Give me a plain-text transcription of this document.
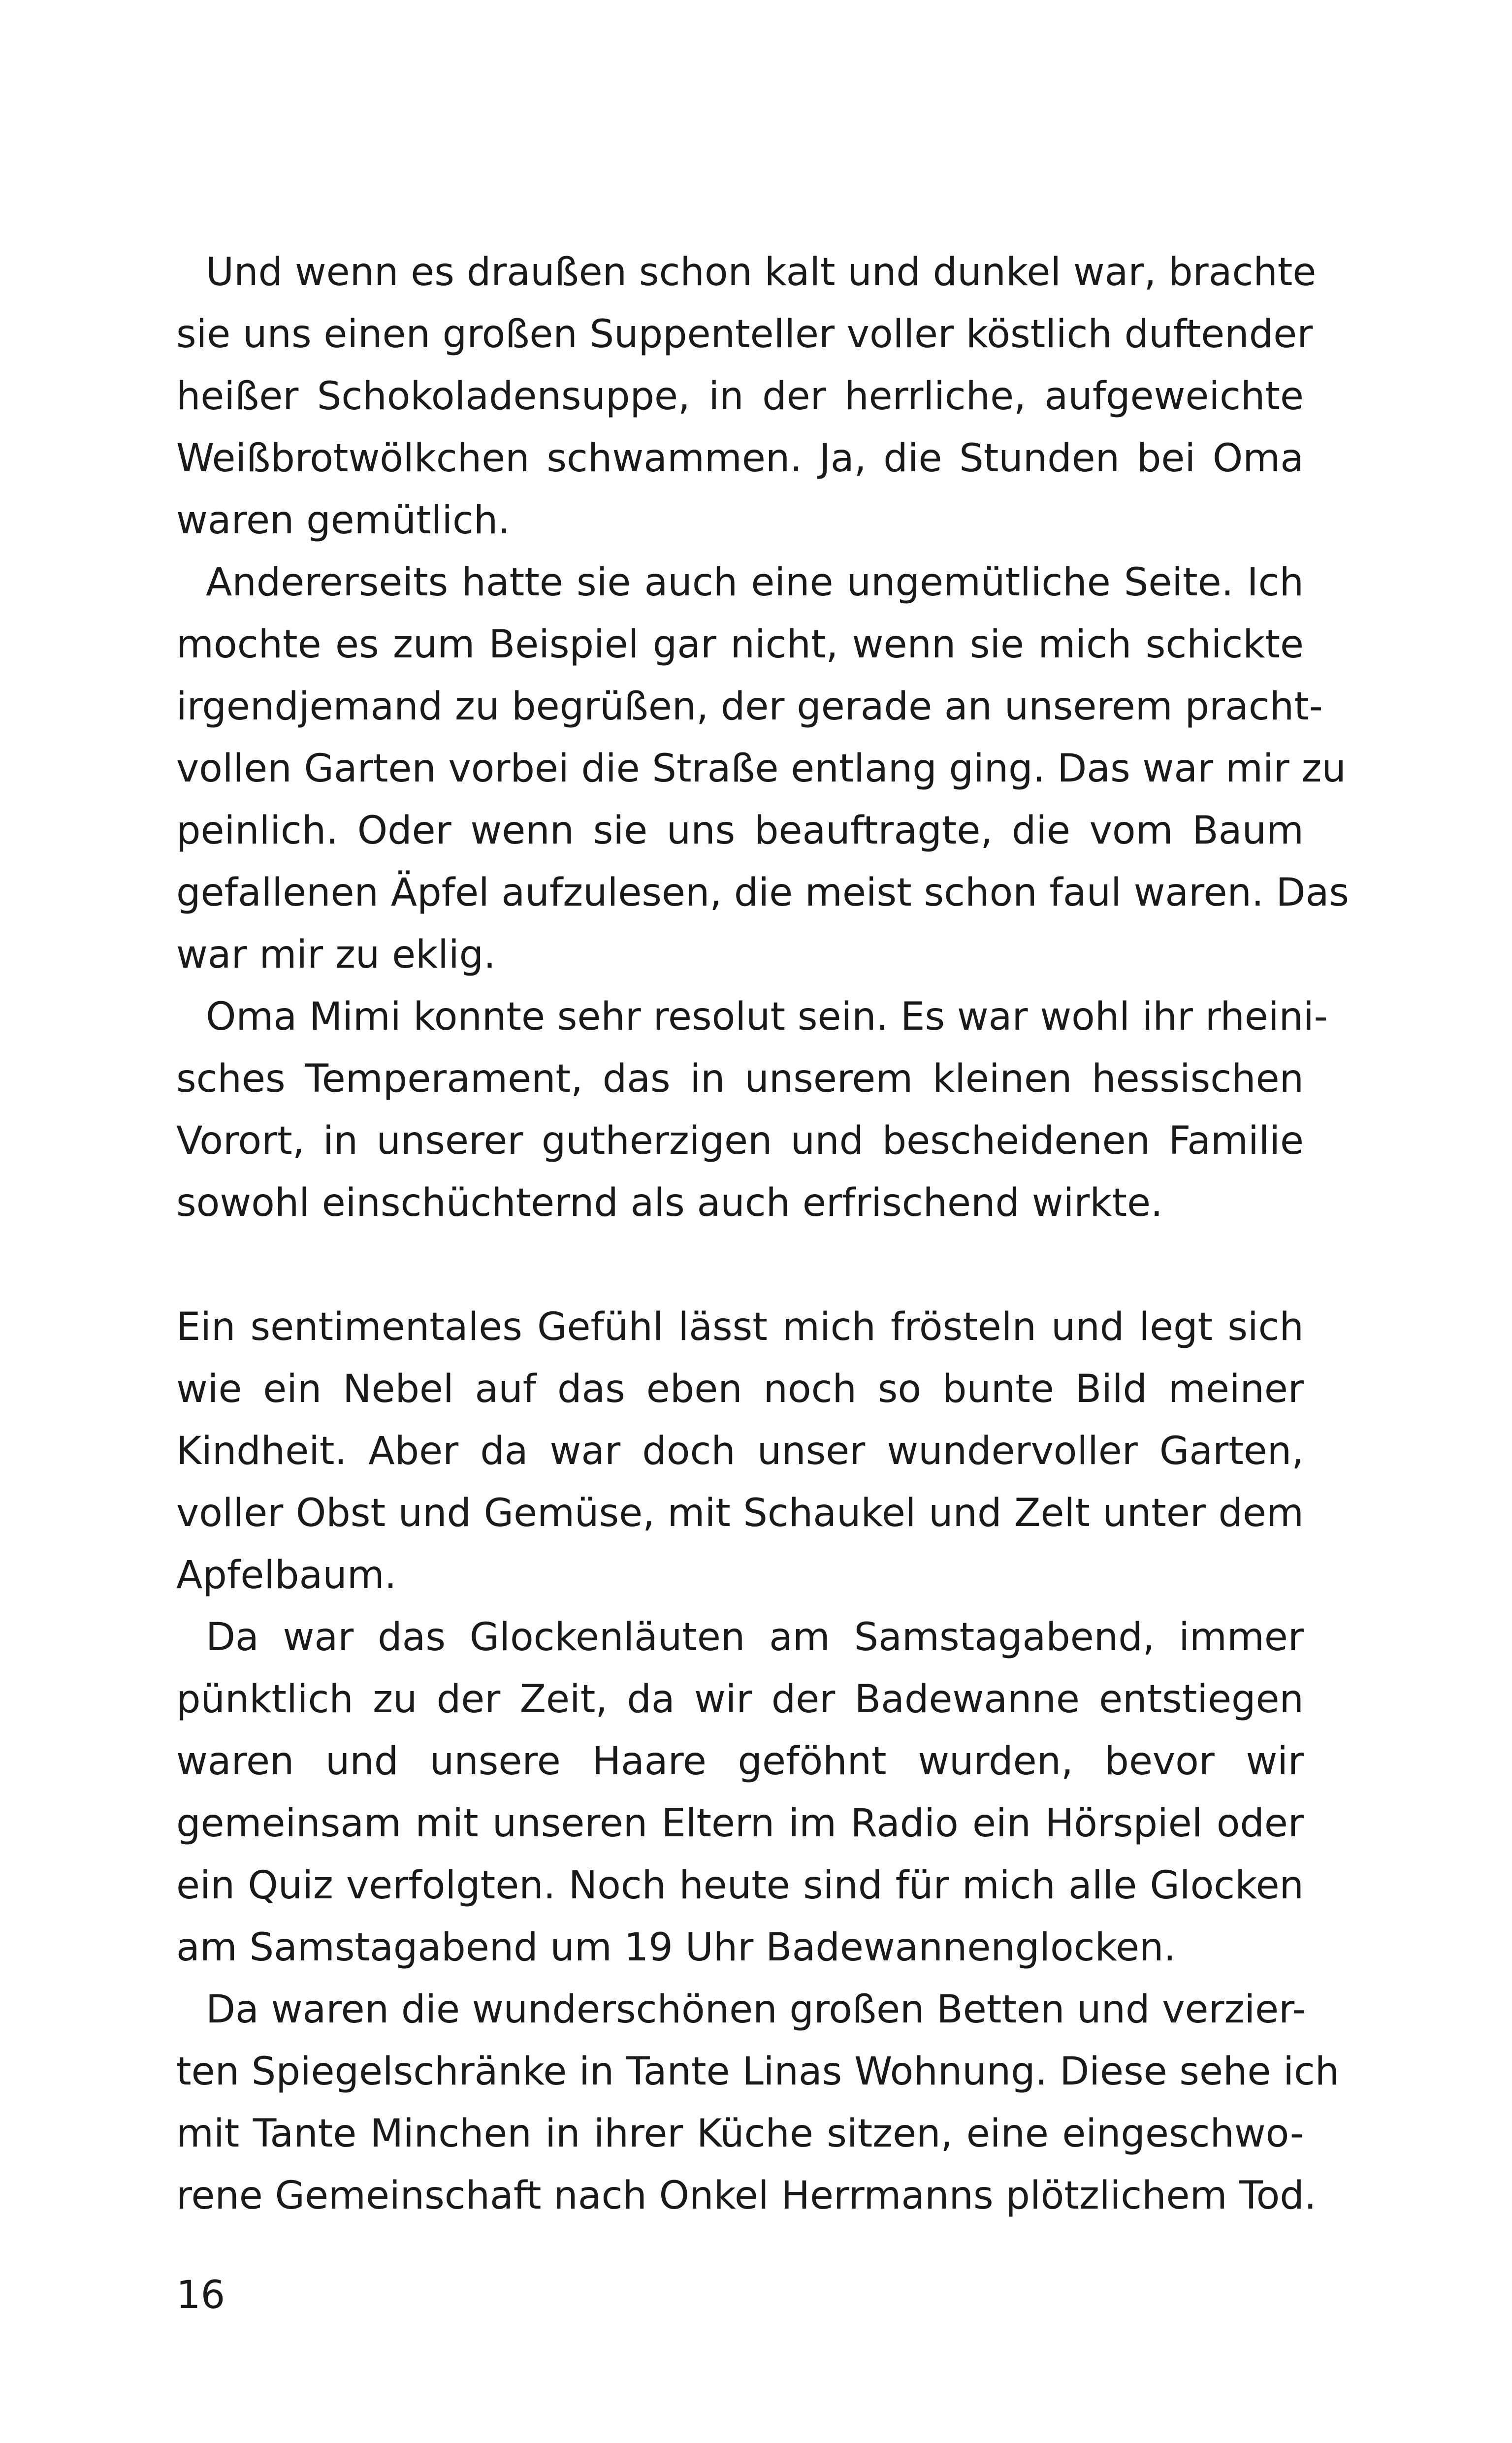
Und wenn es draußen schon kalt und dunkel war, brachte
sie uns einen großen Suppenteller voller köstlich duftender
heißer Schokoladensuppe, in der herrliche, aufgeweichte
Weißbrotwölkchen schwammen. Ja, die Stunden bei Oma
waren gemütlich.
Andererseits hatte sie auch eine ungemütliche Seite. Ich
mochte es zum Beispiel gar nicht, wenn sie mich schickte
irgendjemand zu begrüßen, der gerade an unserem pracht-
vollen Garten vorbei die Straße entlang ging. Das war mir zu
peinlich. Oder wenn sie uns beauftragte, die vom Baum
gefallenen Äpfel aufzulesen, die meist schon faul waren. Das
war mir zu eklig.
Oma Mimi konnte sehr resolut sein. Es war wohl ihr rheini-
sches Temperament, das in unserem kleinen hessischen
Vorort, in unserer gutherzigen und bescheidenen Familie
sowohl einschüchternd als auch erfrischend wirkte.
Ein sentimentales Gefühl lässt mich frösteln und legt sich
wie ein Nebel auf das eben noch so bunte Bild meiner
Kindheit. Aber da war doch unser wundervoller Garten,
voller Obst und Gemüse, mit Schaukel und Zelt unter dem
Apfelbaum.
Da war das Glockenläuten am Samstagabend, immer
pünktlich zu der Zeit, da wir der Badewanne entstiegen
waren und unsere Haare geföhnt wurden, bevor wir
gemeinsam mit unseren Eltern im Radio ein Hörspiel oder
ein Quiz verfolgten. Noch heute sind für mich alle Glocken
am Samstagabend um 19 Uhr Badewannenglocken.
Da waren die wunderschönen großen Betten und verzier-
ten Spiegelschränke in Tante Linas Wohnung. Diese sehe ich
mit Tante Minchen in ihrer Küche sitzen, eine eingeschwo-
rene Gemeinschaft nach Onkel Herrmanns plötzlichem Tod.
16
